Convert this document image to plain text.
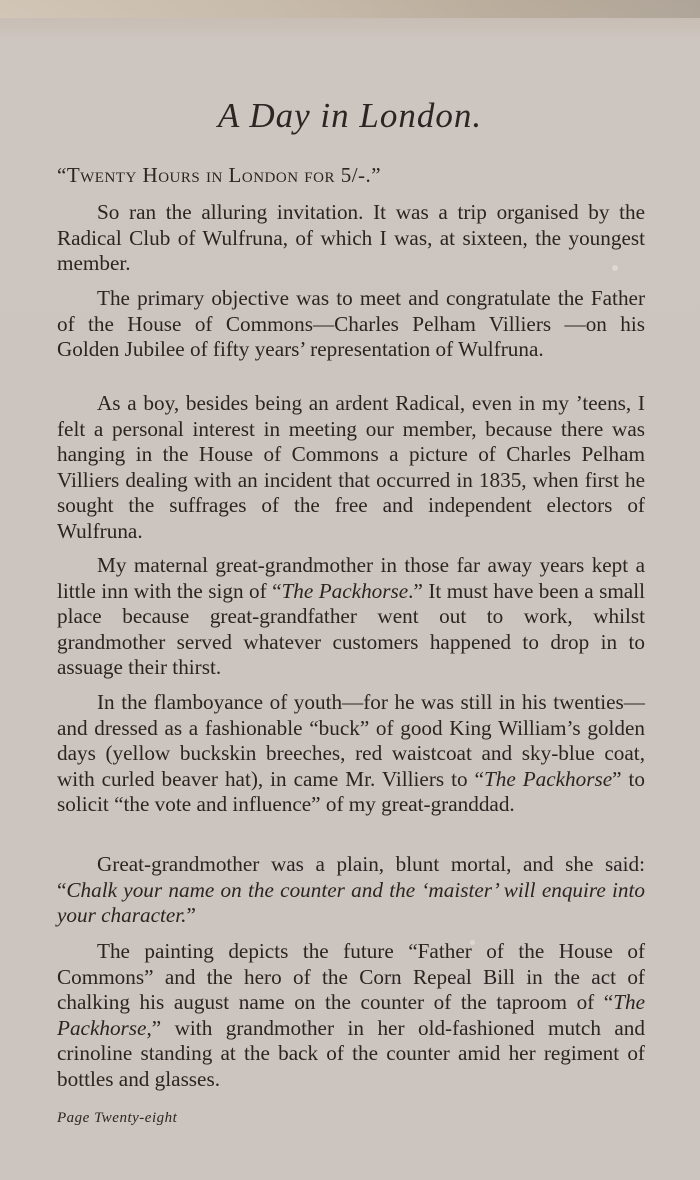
A Day in London.

“Twenty Hours in London for 5/-.”

So ran the alluring invitation. It was a trip organised by the Radical Club of Wulfruna, of which I was, at sixteen, the youngest member.

The primary objective was to meet and congratulate the Father of the House of Commons—Charles Pelham Villiers —on his Golden Jubilee of fifty years’ representation of Wulfruna.

As a boy, besides being an ardent Radical, even in my ’teens, I felt a personal interest in meeting our member, because there was hanging in the House of Commons a picture of Charles Pelham Villiers dealing with an incident that occurred in 1835, when first he sought the suffrages of the free and independent electors of Wulfruna.

My maternal great-grandmother in those far away years kept a little inn with the sign of “The Packhorse.” It must have been a small place because great-grandfather went out to work, whilst grandmother served whatever customers happened to drop in to assuage their thirst.

In the flamboyance of youth—for he was still in his twenties—and dressed as a fashionable “buck” of good King William’s golden days (yellow buckskin breeches, red waistcoat and sky-blue coat, with curled beaver hat), in came Mr. Villiers to “The Packhorse” to solicit “the vote and influence” of my great-granddad.

Great-grandmother was a plain, blunt mortal, and she said: “Chalk your name on the counter and the ‘maister’ will enquire into your character.”

The painting depicts the future “Father of the House of Commons” and the hero of the Corn Repeal Bill in the act of chalking his august name on the counter of the taproom of “The Packhorse,” with grandmother in her old-fashioned mutch and crinoline standing at the back of the counter amid her regiment of bottles and glasses.

Page Twenty-eight
